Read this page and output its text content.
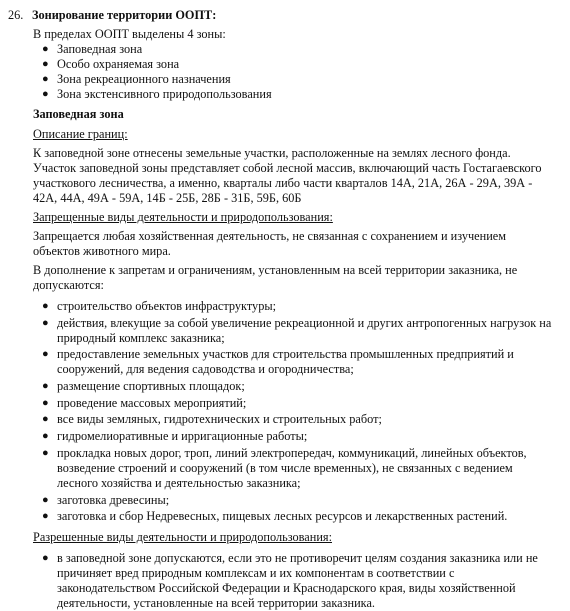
26. Зонирование территории ООПТ:
В пределах ООПТ выделены 4 зоны:
● Заповедная зона
● Особо охраняемая зона
● Зона рекреационного назначения
● Зона экстенсивного природопользования
Заповедная зона
Описание границ:

К заповедной зоне отнесены земельные участки, расположенные на землях лесного фонда. Участок заповедной зоны представляет собой лесной массив, включающий часть Гостагаевского участкового лесничества, а именно, кварталы либо части кварталов 14А, 21А, 26А - 29А, 39А - 42А, 44А, 49А - 59А, 14Б - 25Б, 28Б - 31Б, 59Б, 60Б

Запрещенные виды деятельности и природопользования:

Запрещается любая хозяйственная деятельность, не связанная с сохранением и изучением объектов животного мира.

В дополнение к запретам и ограничениям, установленным на всей территории заказника, не допускаются:

● строительство объектов инфраструктуры;
● действия, влекущие за собой увеличение рекреационной и других антропогенных нагрузок на природный комплекс заказника;
● предоставление земельных участков для строительства промышленных предприятий и сооружений, для ведения садоводства и огородничества;
● размещение спортивных площадок;
● проведение массовых мероприятий;
● все виды земляных, гидротехнических и строительных работ;
● гидромелиоративные и ирригационные работы;
● прокладка новых дорог, троп, линий электропередач, коммуникаций, линейных объектов, возведение строений и сооружений (в том числе временных), не связанных с ведением лесного хозяйства и деятельностью заказника;
● заготовка древесины;
● заготовка и сбор Недревесных, пищевых лесных ресурсов и лекарственных растений.
Разрешенные виды деятельности и природопользования:
● в заповедной зоне допускаются, если это не противоречит целям создания заказника или не причиняет вред природным комплексам и их компонентам в соответствии с законодательством Российской Федерации и Краснодарского края, виды хозяйственной деятельности, установленные на всей территории заказника.
